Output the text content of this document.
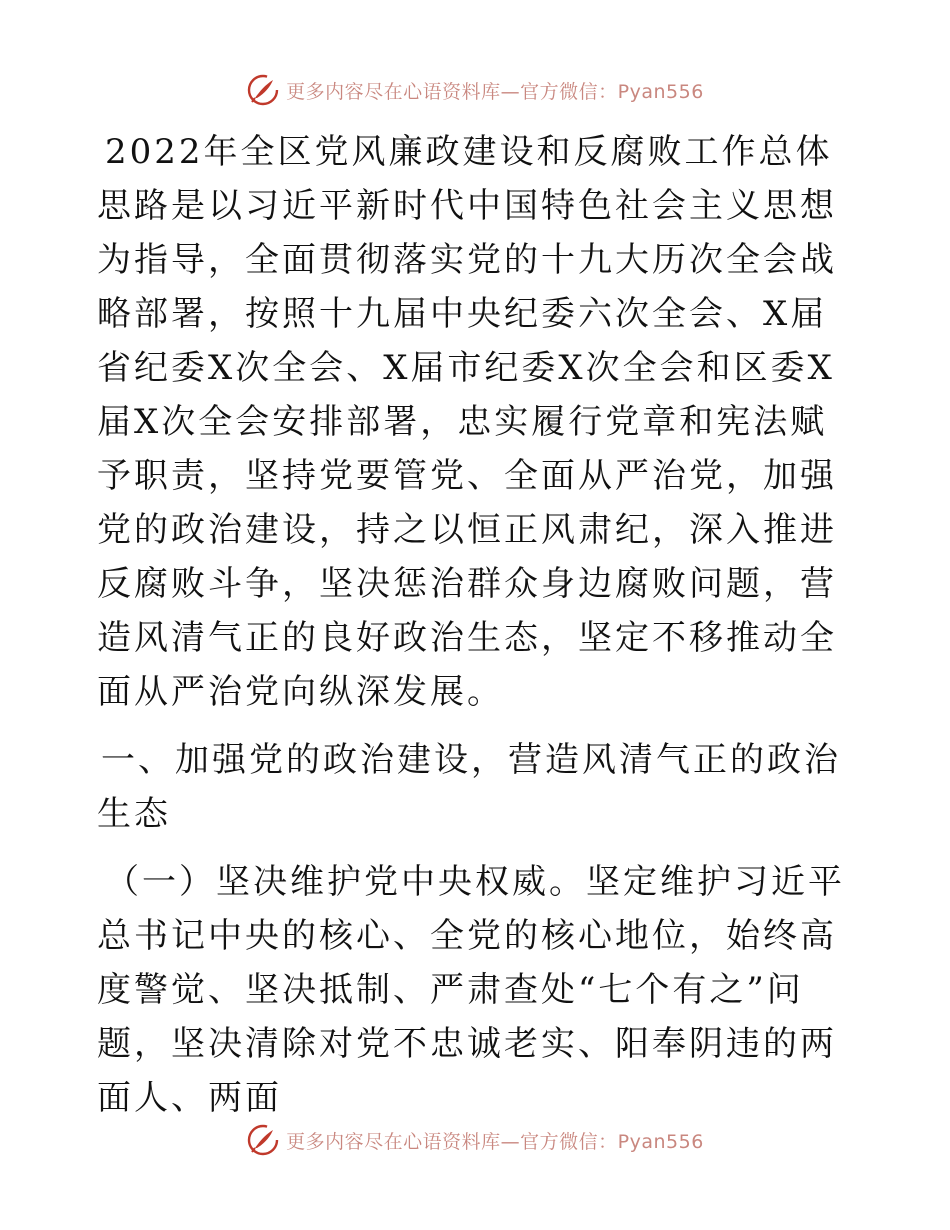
更多内容尽在心语资料库—官方微信：Pyan556

2022年全区党风廉政建设和反腐败工作总体思路是以习近平新时代中国特色社会主义思想为指导，全面贯彻落实党的十九大历次全会战略部署，按照十九届中央纪委六次全会、X届省纪委X次全会、X届市纪委X次全会和区委X届X次全会安排部署，忠实履行党章和宪法赋予职责，坚持党要管党、全面从严治党，加强党的政治建设，持之以恒正风肃纪，深入推进反腐败斗争，坚决惩治群众身边腐败问题，营造风清气正的良好政治生态，坚定不移推动全面从严治党向纵深发展。

一、加强党的政治建设，营造风清气正的政治生态

（一）坚决维护党中央权威。坚定维护习近平总书记中央的核心、全党的核心地位，始终高度警觉、坚决抵制、严肃查处“七个有之”问题，坚决清除对党不忠诚老实、阳奉阴违的两面人、两面

更多内容尽在心语资料库—官方微信：Pyan556
